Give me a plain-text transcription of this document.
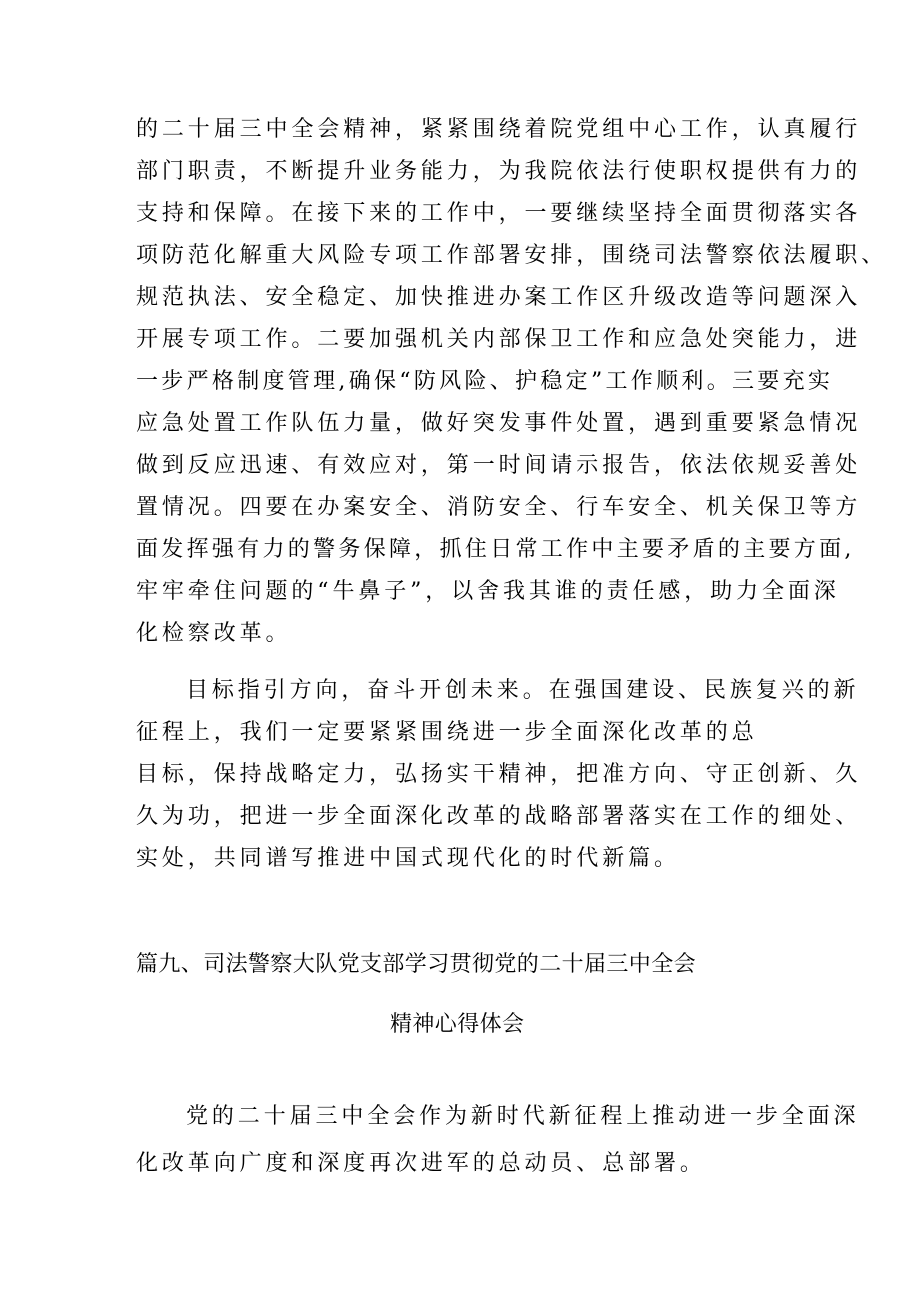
的二十届三中全会精神，紧紧围绕着院党组中心工作，认真履行
部门职责，不断提升业务能力，为我院依法行使职权提供有力的
支持和保障。在接下来的工作中，一要继续坚持全面贯彻落实各
项防范化解重大风险专项工作部署安排，围绕司法警察依法履职、
规范执法、安全稳定、加快推进办案工作区升级改造等问题深入
开展专项工作。二要加强机关内部保卫工作和应急处突能力，进
一步严格制度管理,确保“防风险、护稳定”工作顺利。三要充实
应急处置工作队伍力量，做好突发事件处置，遇到重要紧急情况
做到反应迅速、有效应对，第一时间请示报告，依法依规妥善处
置情况。四要在办案安全、消防安全、行车安全、机关保卫等方
面发挥强有力的警务保障，抓住日常工作中主要矛盾的主要方面,
牢牢牵住问题的“牛鼻子”，以舍我其谁的责任感，助力全面深
化检察改革。
目标指引方向，奋斗开创未来。在强国建设、民族复兴的新
征程上，我们一定要紧紧围绕进一步全面深化改革的总
目标，保持战略定力，弘扬实干精神，把准方向、守正创新、久
久为功，把进一步全面深化改革的战略部署落实在工作的细处、
实处，共同谱写推进中国式现代化的时代新篇。
篇九、司法警察大队党支部学习贯彻党的二十届三中全会
精神心得体会
党的二十届三中全会作为新时代新征程上推动进一步全面深
化改革向广度和深度再次进军的总动员、总部署。
